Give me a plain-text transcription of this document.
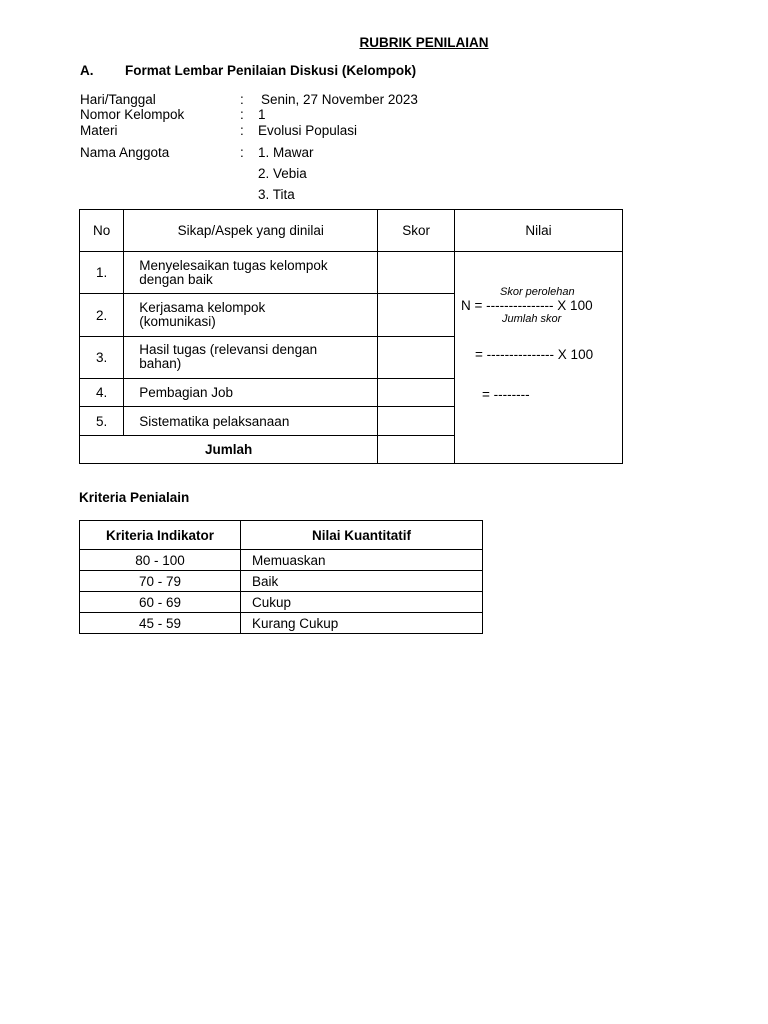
RUBRIK PENILAIAN
A. Format Lembar Penilaian Diskusi (Kelompok)
Hari/Tanggal	: Senin, 27 November 2023
Nomor Kelompok	: 1
Materi	: Evolusi Populasi
Nama Anggota	: 1. Mawar
2. Vebia
3. Tita
No	Sikap/Aspek yang dinilai	Skor	Nilai
1.	Menyelesaikan tugas kelompok
dengan baik		Skor perolehan
N = --------------- X 100
Jumlah skor
= --------------- X 100
= --------

2.	Kerjasama kelompok
(komunikasi)		

3.	Hasil tugas (relevansi dengan
bahan)		

4.	Pembagian Job		
5.	Sistematika pelaksanaan		
Jumlah			
Kriteria Penialain
Kriteria Indikator	Nilai Kuantitatif
80 - 100	Memuaskan
70 - 79	Baik
60 - 69	Cukup
45 - 59	Kurang Cukup
